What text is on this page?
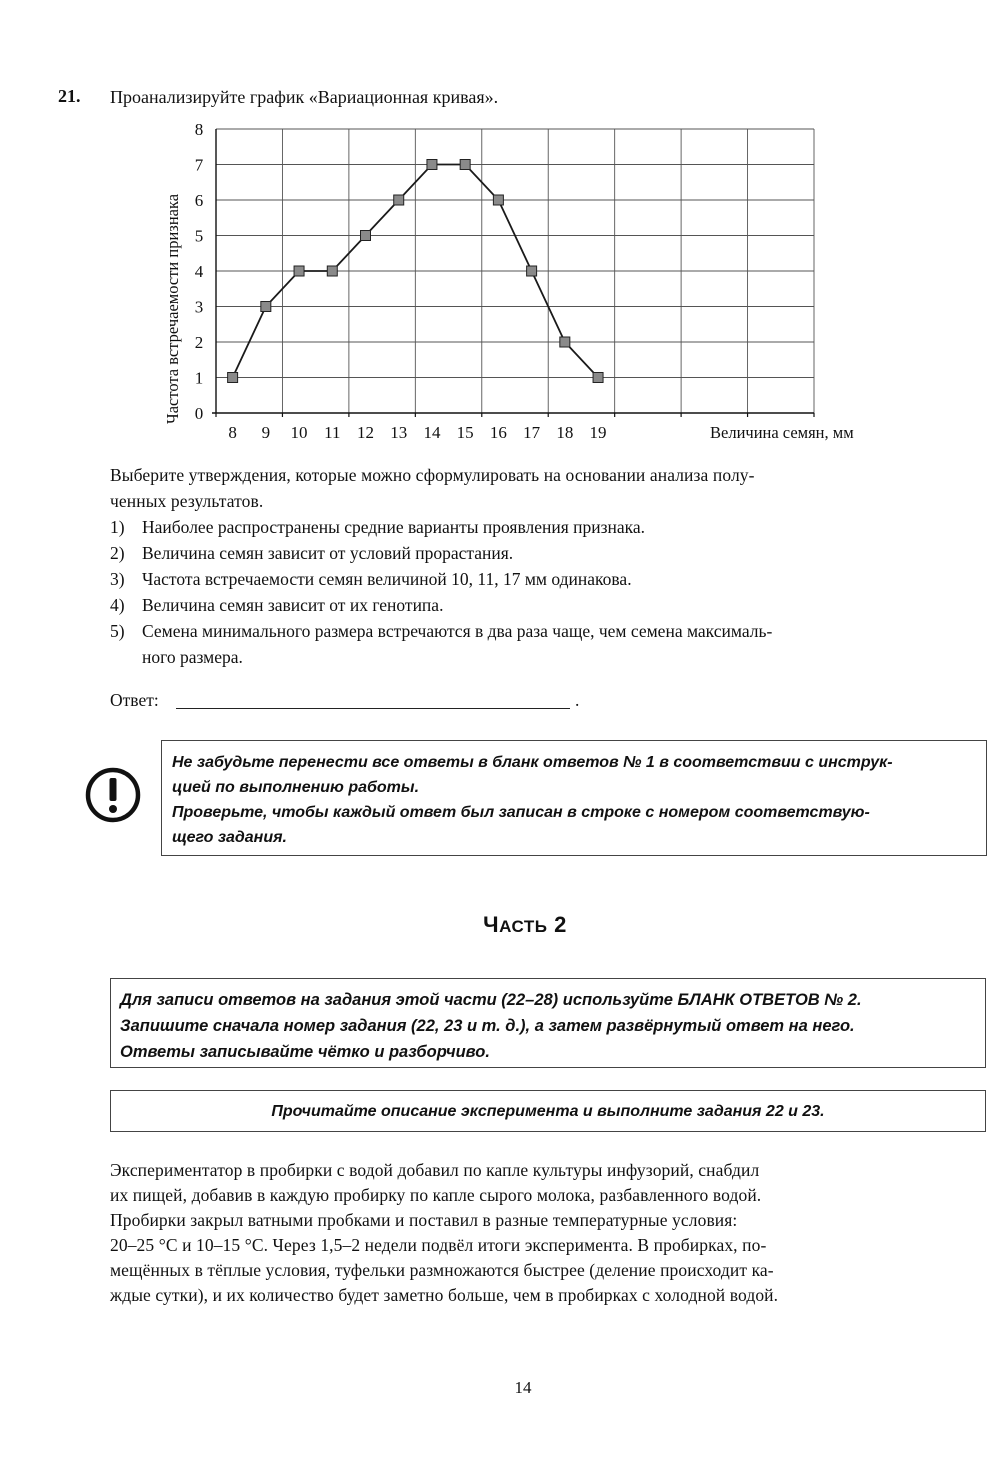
21. Проанализируйте график «Вариационная кривая».
0
1
2
3
4
5
6
7
8
8 9 10 11 12 13 14 15 16 17 18 19
Частота встречаемости признака
Величина семян, мм
Выберите утверждения, которые можно сформулировать на основании анализа полу-
ченных результатов.
1) Наиболее распространены средние варианты проявления признака.
2) Величина семян зависит от условий прорастания.
3) Частота встречаемости семян величиной 10, 11, 17 мм одинакова.
4) Величина семян зависит от их генотипа.
5) Семена минимального размера встречаются в два раза чаще, чем семена максималь-
ного размера.
Ответ:	.
Не забудьте перенести все ответы в бланк ответов № 1 в соответствии с инструк-
цией по выполнению работы.
Проверьте, чтобы каждый ответ был записан в строке с номером соответствую-
щего задания.
ЧАСТЬ 2
Для записи ответов на задания этой части (22–28) используйте БЛАНК ОТВЕТОВ № 2.
Запишите сначала номер задания (22, 23 и т. д.), а затем развёрнутый ответ на него.
Ответы записывайте чётко и разборчиво.
Прочитайте описание эксперимента и выполните задания 22 и 23.
Экспериментатор в пробирки с водой добавил по капле культуры инфузорий, снабдил
их пищей, добавив в каждую пробирку по капле сырого молока, разбавленного водой.
Пробирки закрыл ватными пробками и поставил в разные температурные условия:
20–25 °С и 10–15 °С. Через 1,5–2 недели подвёл итоги эксперимента. В пробирках, по-
мещённых в тёплые условия, туфельки размножаются быстрее (деление происходит ка-
ждые сутки), и их количество будет заметно больше, чем в пробирках с холодной водой.
14
